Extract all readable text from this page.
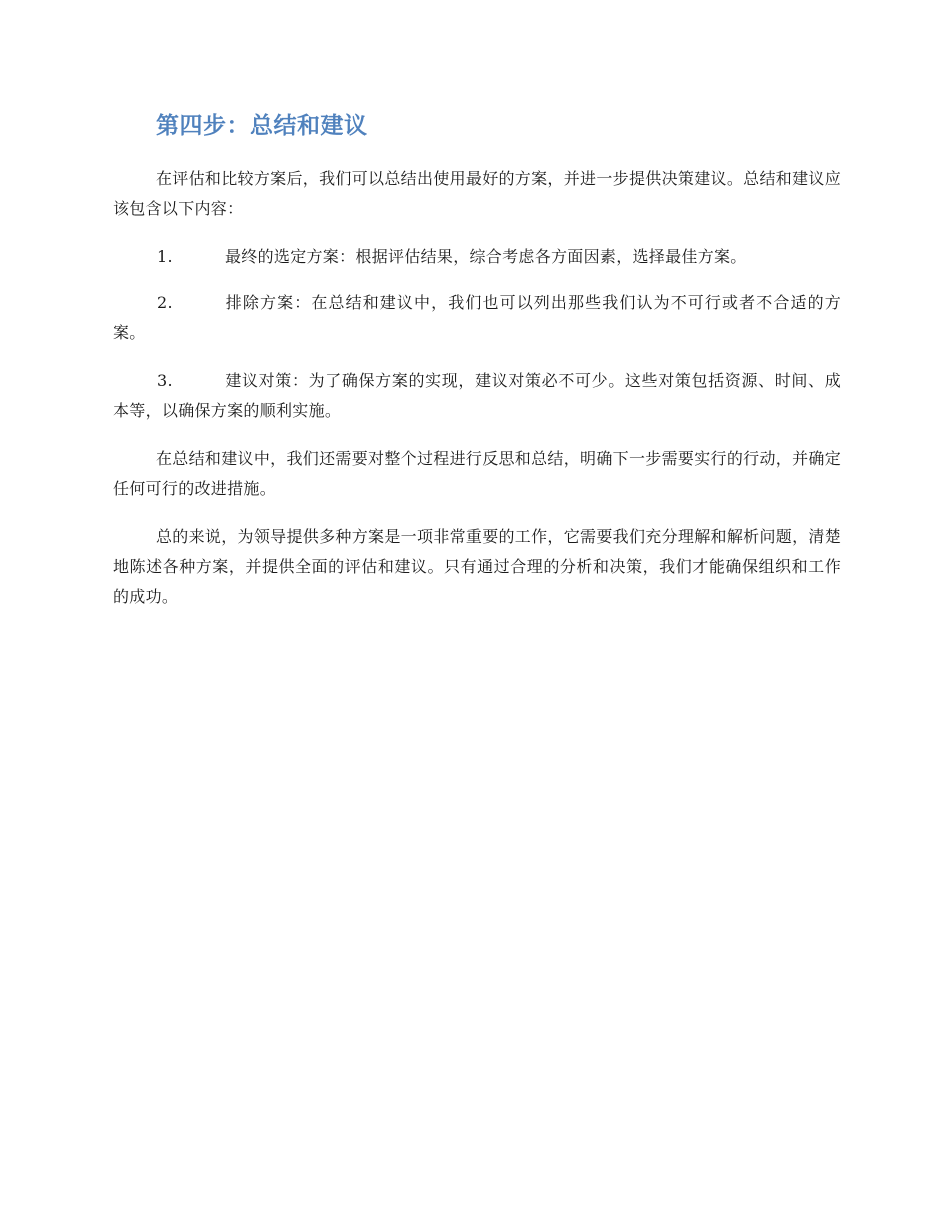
第四步：总结和建议

在评估和比较方案后，我们可以总结出使用最好的方案，并进一步提供决策建议。总结和建议应该包含以下内容：

1.	最终的选定方案：根据评估结果，综合考虑各方面因素，选择最佳方案。

2.	排除方案：在总结和建议中，我们也可以列出那些我们认为不可行或者不合适的方案。

3.	建议对策：为了确保方案的实现，建议对策必不可少。这些对策包括资源、时间、成本等，以确保方案的顺利实施。

在总结和建议中，我们还需要对整个过程进行反思和总结，明确下一步需要实行的行动，并确定任何可行的改进措施。

总的来说，为领导提供多种方案是一项非常重要的工作，它需要我们充分理解和解析问题，清楚地陈述各种方案，并提供全面的评估和建议。只有通过合理的分析和决策，我们才能确保组织和工作的成功。
